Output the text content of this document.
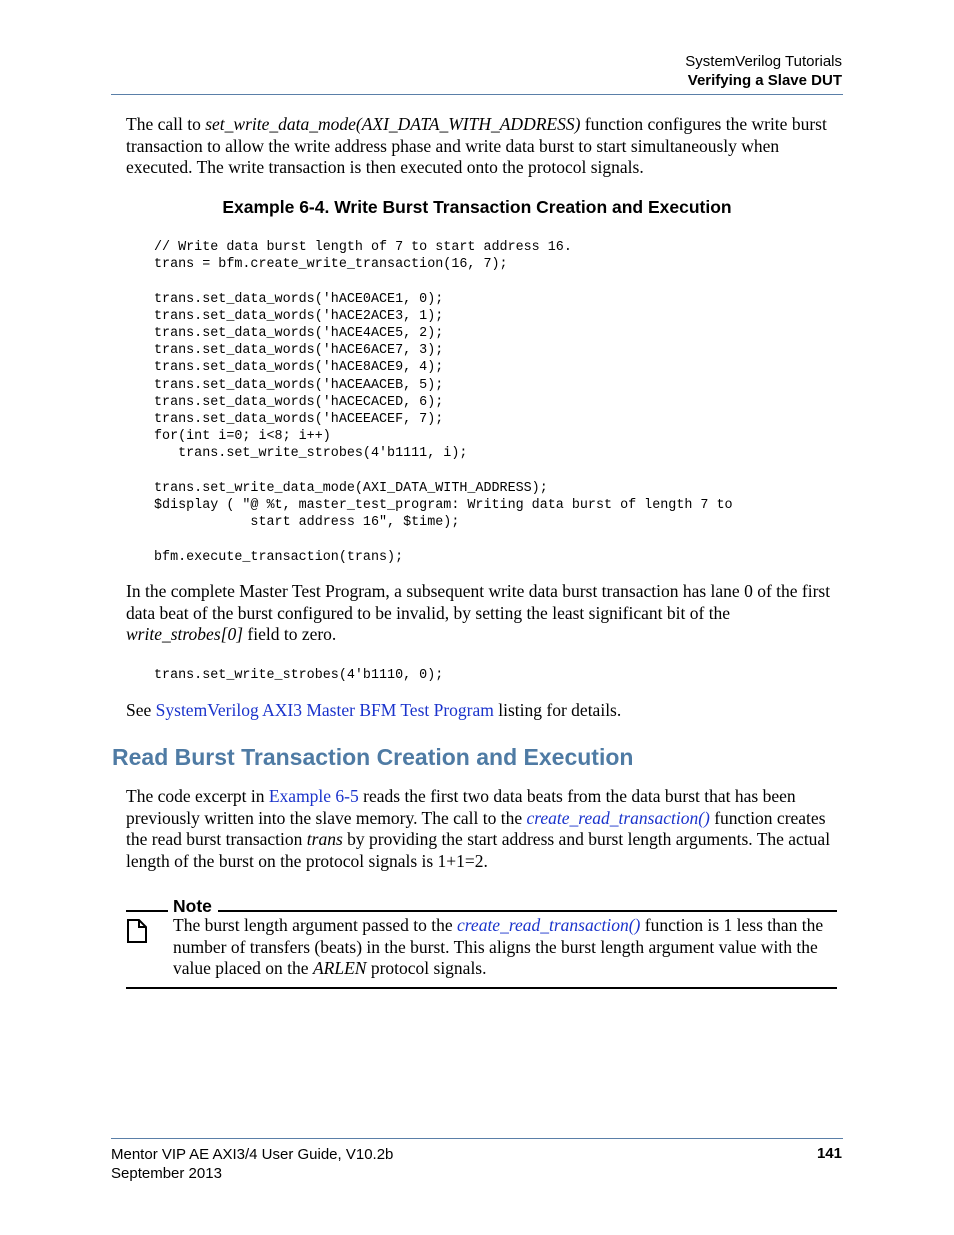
SystemVerilog Tutorials
Verifying a Slave DUT

The call to set_write_data_mode(AXI_DATA_WITH_ADDRESS) function configures the write burst transaction to allow the write address phase and write data burst to start simultaneously when executed. The write transaction is then executed onto the protocol signals.

Example 6-4. Write Burst Transaction Creation and Execution
// Write data burst length of 7 to start address 16.
trans = bfm.create_write_transaction(16, 7);

trans.set_data_words('hACE0ACE1, 0);
trans.set_data_words('hACE2ACE3, 1);
trans.set_data_words('hACE4ACE5, 2);
trans.set_data_words('hACE6ACE7, 3);
trans.set_data_words('hACE8ACE9, 4);
trans.set_data_words('hACEAACEB, 5);
trans.set_data_words('hACECACED, 6);
trans.set_data_words('hACEEACEF, 7);
for(int i=0; i<8; i++)
trans.set_write_strobes(4'b1111, i);

trans.set_write_data_mode(AXI_DATA_WITH_ADDRESS);
$display ( "@ %t, master_test_program: Writing data burst of length 7 to
start address 16", $time);

bfm.execute_transaction(trans);

In the complete Master Test Program, a subsequent write data burst transaction has lane 0 of the first data beat of the burst configured to be invalid, by setting the least significant bit of the write_strobes[0] field to zero.

trans.set_write_strobes(4'b1110, 0);

See SystemVerilog AXI3 Master BFM Test Program listing for details.

Read Burst Transaction Creation and Execution

The code excerpt in Example 6-5 reads the first two data beats from the data burst that has been previously written into the slave memory. The call to the create_read_transaction() function creates the read burst transaction trans by providing the start address and burst length arguments. The actual length of the burst on the protocol signals is 1+1=2.

Note

The burst length argument passed to the create_read_transaction() function is 1 less than the number of transfers (beats) in the burst. This aligns the burst length argument value with the value placed on the ARLEN protocol signals.

Mentor VIP AE AXI3/4 User Guide, V10.2b
September 2013
141
